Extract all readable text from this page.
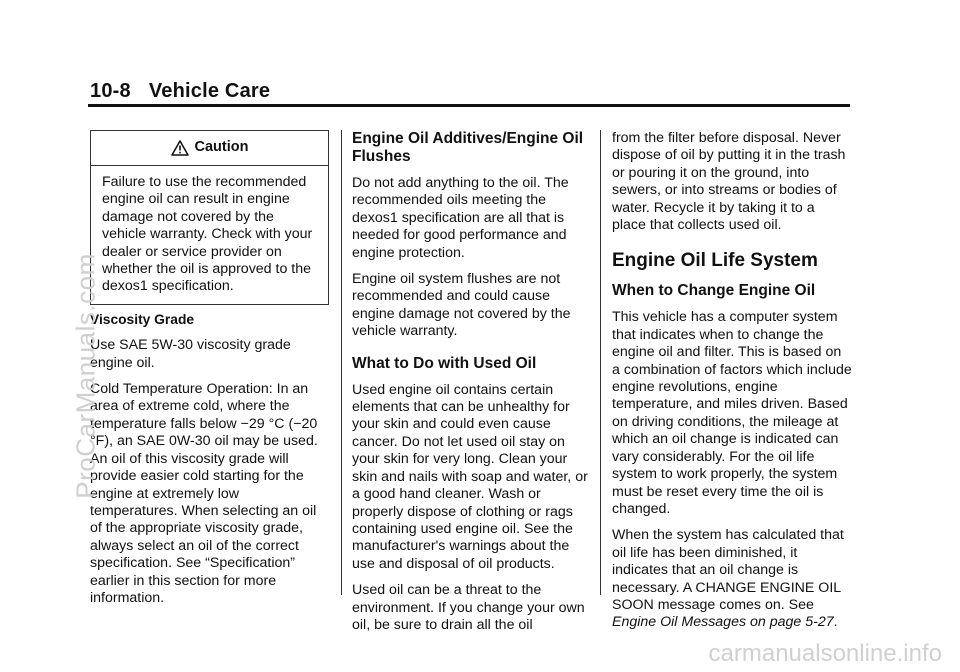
10-8 Vehicle Care
Caution
Failure to use the recommended engine oil can result in engine damage not covered by the vehicle warranty. Check with your dealer or service provider on whether the oil is approved to the dexos1 specification.

Viscosity Grade

Use SAE 5W-30 viscosity grade engine oil.

Cold Temperature Operation: In an area of extreme cold, where the temperature falls below −29 °C (−20 °F), an SAE 0W-30 oil may be used. An oil of this viscosity grade will provide easier cold starting for the engine at extremely low temperatures. When selecting an oil of the appropriate viscosity grade, always select an oil of the correct specification. See “Specification” earlier in this section for more information.

Engine Oil Additives/Engine Oil Flushes

Do not add anything to the oil. The recommended oils meeting the dexos1 specification are all that is needed for good performance and engine protection.

Engine oil system flushes are not recommended and could cause engine damage not covered by the vehicle warranty.

What to Do with Used Oil

Used engine oil contains certain elements that can be unhealthy for your skin and could even cause cancer. Do not let used oil stay on your skin for very long. Clean your skin and nails with soap and water, or a good hand cleaner. Wash or properly dispose of clothing or rags containing used engine oil. See the manufacturer's warnings about the use and disposal of oil products.

Used oil can be a threat to the environment. If you change your own oil, be sure to drain all the oil

from the filter before disposal. Never dispose of oil by putting it in the trash or pouring it on the ground, into sewers, or into streams or bodies of water. Recycle it by taking it to a place that collects used oil.

Engine Oil Life System
When to Change Engine Oil

This vehicle has a computer system that indicates when to change the engine oil and filter. This is based on a combination of factors which include engine revolutions, engine temperature, and miles driven. Based on driving conditions, the mileage at which an oil change is indicated can vary considerably. For the oil life system to work properly, the system must be reset every time the oil is changed.

When the system has calculated that oil life has been diminished, it indicates that an oil change is necessary. A CHANGE ENGINE OIL SOON message comes on. See Engine Oil Messages on page 5-27.

ProCarManuals.com
carmanualsonline.info
